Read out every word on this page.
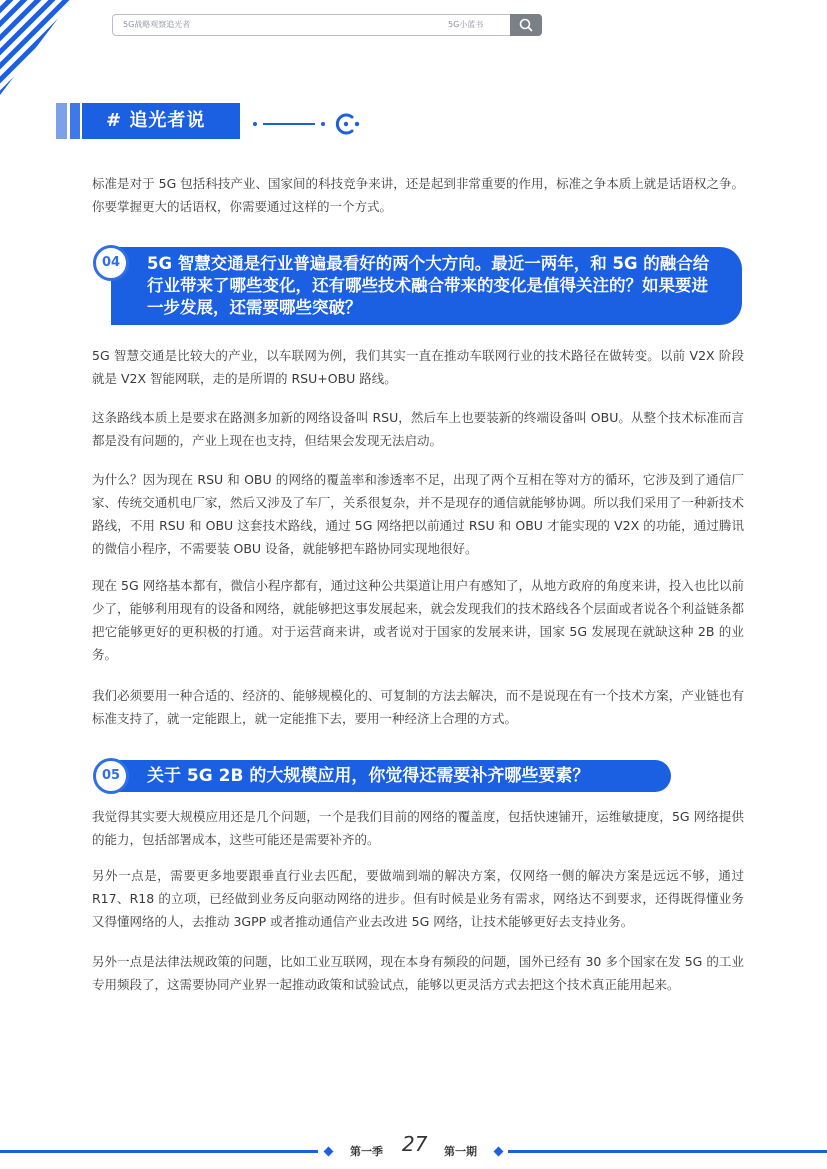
5G战略观察追光者	5G小蓝书
# 追光者说

标准是对于 5G 包括科技产业、国家间的科技竞争来讲，还是起到非常重要的作用，标准之争本质上就是话语权之争。你要掌握更大的话语权，你需要通过这样的一个方式。

04	5G 智慧交通是行业普遍最看好的两个大方向。最近一两年，和 5G 的融合给行业带来了哪些变化，还有哪些技术融合带来的变化是值得关注的？如果要进一步发展，还需要哪些突破？

5G 智慧交通是比较大的产业，以车联网为例，我们其实一直在推动车联网行业的技术路径在做转变。以前 V2X 阶段就是 V2X 智能网联，走的是所谓的 RSU+OBU 路线。

这条路线本质上是要求在路测多加新的网络设备叫 RSU，然后车上也要装新的终端设备叫 OBU。从整个技术标准而言都是没有问题的，产业上现在也支持，但结果会发现无法启动。

为什么？因为现在 RSU 和 OBU 的网络的覆盖率和渗透率不足，出现了两个互相在等对方的循环，它涉及到了通信厂家、传统交通机电厂家，然后又涉及了车厂，关系很复杂，并不是现存的通信就能够协调。所以我们采用了一种新技术路线，不用 RSU 和 OBU 这套技术路线，通过 5G 网络把以前通过 RSU 和 OBU 才能实现的 V2X 的功能，通过腾讯的微信小程序，不需要装 OBU 设备，就能够把车路协同实现地很好。

现在 5G 网络基本都有，微信小程序都有，通过这种公共渠道让用户有感知了，从地方政府的角度来讲，投入也比以前少了，能够利用现有的设备和网络，就能够把这事发展起来，就会发现我们的技术路线各个层面或者说各个利益链条都把它能够更好的更积极的打通。对于运营商来讲，或者说对于国家的发展来讲，国家 5G 发展现在就缺这种 2B 的业务。

我们必须要用一种合适的、经济的、能够规模化的、可复制的方法去解决，而不是说现在有一个技术方案，产业链也有标准支持了，就一定能跟上，就一定能推下去，要用一种经济上合理的方式。

05	关于 5G 2B 的大规模应用，你觉得还需要补齐哪些要素？

我觉得其实要大规模应用还是几个问题，一个是我们目前的网络的覆盖度，包括快速铺开，运维敏捷度，5G 网络提供的能力，包括部署成本，这些可能还是需要补齐的。

另外一点是，需要更多地要跟垂直行业去匹配，要做端到端的解决方案，仅网络一侧的解决方案是远远不够，通过 R17、R18 的立项，已经做到业务反向驱动网络的进步。但有时候是业务有需求，网络达不到要求，还得既得懂业务又得懂网络的人，去推动 3GPP 或者推动通信产业去改进 5G 网络，让技术能够更好去支持业务。

另外一点是法律法规政策的问题，比如工业互联网，现在本身有频段的问题，国外已经有 30 多个国家在发 5G 的工业专用频段了，这需要协同产业界一起推动政策和试验试点，能够以更灵活方式去把这个技术真正能用起来。

第一季 27 第一期
